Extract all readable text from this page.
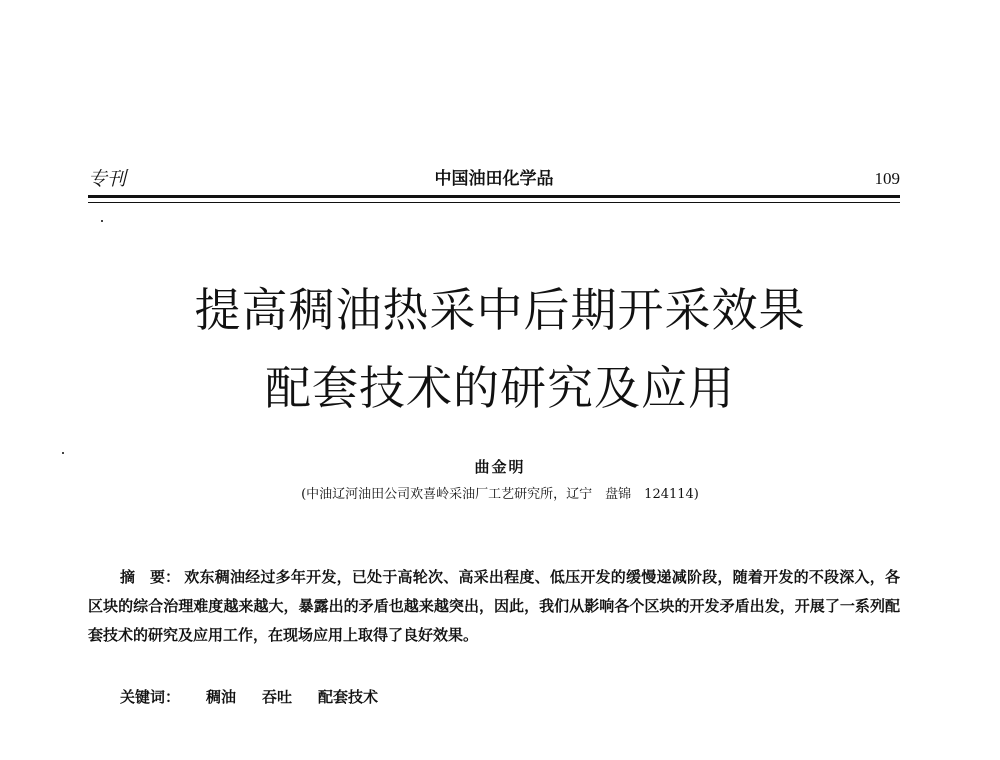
专刊	中国油田化学品	109
提高稠油热采中后期开采效果
配套技术的研究及应用
曲金明
(中油辽河油田公司欢喜岭采油厂工艺研究所，辽宁　盘锦　124114)
摘　要： 欢东稠油经过多年开发，已处于高轮次、高采出程度、低压开发的缓慢递减阶段，随着开发的不段深入，各区块的综合治理难度越来越大，暴露出的矛盾也越来越突出，因此，我们从影响各个区块的开发矛盾出发，开展了一系列配套技术的研究及应用工作，在现场应用上取得了良好效果。
关键词： 稠油 吞吐 配套技术
